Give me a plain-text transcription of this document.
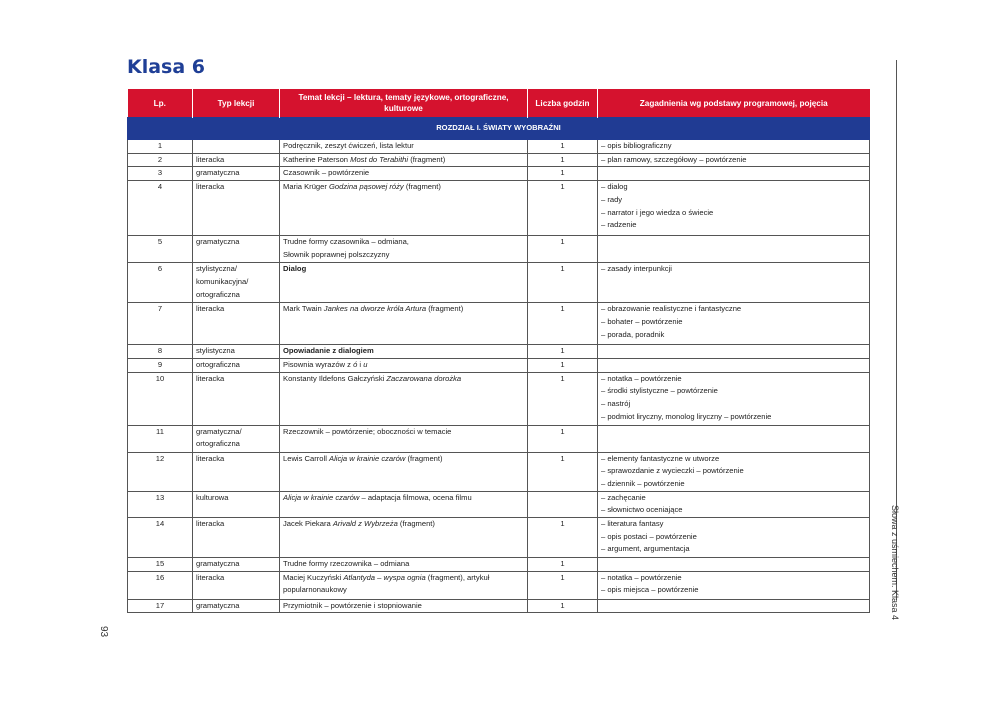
Klasa 6
Lp.	Typ lekcji	Temat lekcji – lektura, tematy językowe, ortograficzne, kulturowe	Liczba godzin	Zagadnienia wg podstawy programowej, pojęcia
ROZDZIAŁ I. ŚWIATY WYOBRAŹNI				
1		Podręcznik, zeszyt ćwiczeń, lista lektur	1	– opis bibliograficzny

2	literacka	Katherine Paterson Most do Terabithi (fragment)	1	– plan ramowy, szczegółowy – powtórzenie

3	gramatyczna	Czasownik – powtórzenie	1	
4	literacka	Maria Krüger Godzina pąsowej róży (fragment)	1	– dialog
– rady
– narrator i jego wiedza o świecie
– radzenie

5	gramatyczna	Trudne formy czasownika – odmiana,
Słownik poprawnej polszczyzny	1	
6	stylistyczna/
komunikacyjna/
ortograficzna	Dialog	1	– zasady interpunkcji

7	literacka	Mark Twain Jankes na dworze króla Artura (fragment)	1	– obrazowanie realistyczne i fantastyczne
– bohater – powtórzenie
– porada, poradnik

8	stylistyczna	Opowiadanie z dialogiem	1	
9	ortograficzna	Pisownia wyrazów z ó i u	1	
10	literacka	Konstanty Ildefons Gałczyński Zaczarowana dorożka	1	– notatka – powtórzenie
– środki stylistyczne – powtórzenie
– nastrój
– podmiot liryczny, monolog liryczny – powtórzenie

11	gramatyczna/
ortograficzna	Rzeczownik – powtórzenie; oboczności w temacie	1	
12	literacka	Lewis Carroll Alicja w krainie czarów (fragment)	1	– elementy fantastyczne w utworze
– sprawozdanie z wycieczki – powtórzenie
– dziennik – powtórzenie

13	kulturowa	Alicja w krainie czarów – adaptacja filmowa, ocena filmu		– zachęcanie
– słownictwo oceniające

14	literacka	Jacek Piekara Arivald z Wybrzeża (fragment)	1	– literatura fantasy
– opis postaci – powtórzenie
– argument, argumentacja

15	gramatyczna	Trudne formy rzeczownika – odmiana	1	
16	literacka	Maciej Kuczyński Atlantyda – wyspa ognia (fragment), artykuł
popularnonaukowy	1	– notatka – powtórzenie
– opis miejsca – powtórzenie

17	gramatyczna	Przymiotnik – powtórzenie i stopniowanie	1		Słowa z uśmiechem. Klasa 4
93
